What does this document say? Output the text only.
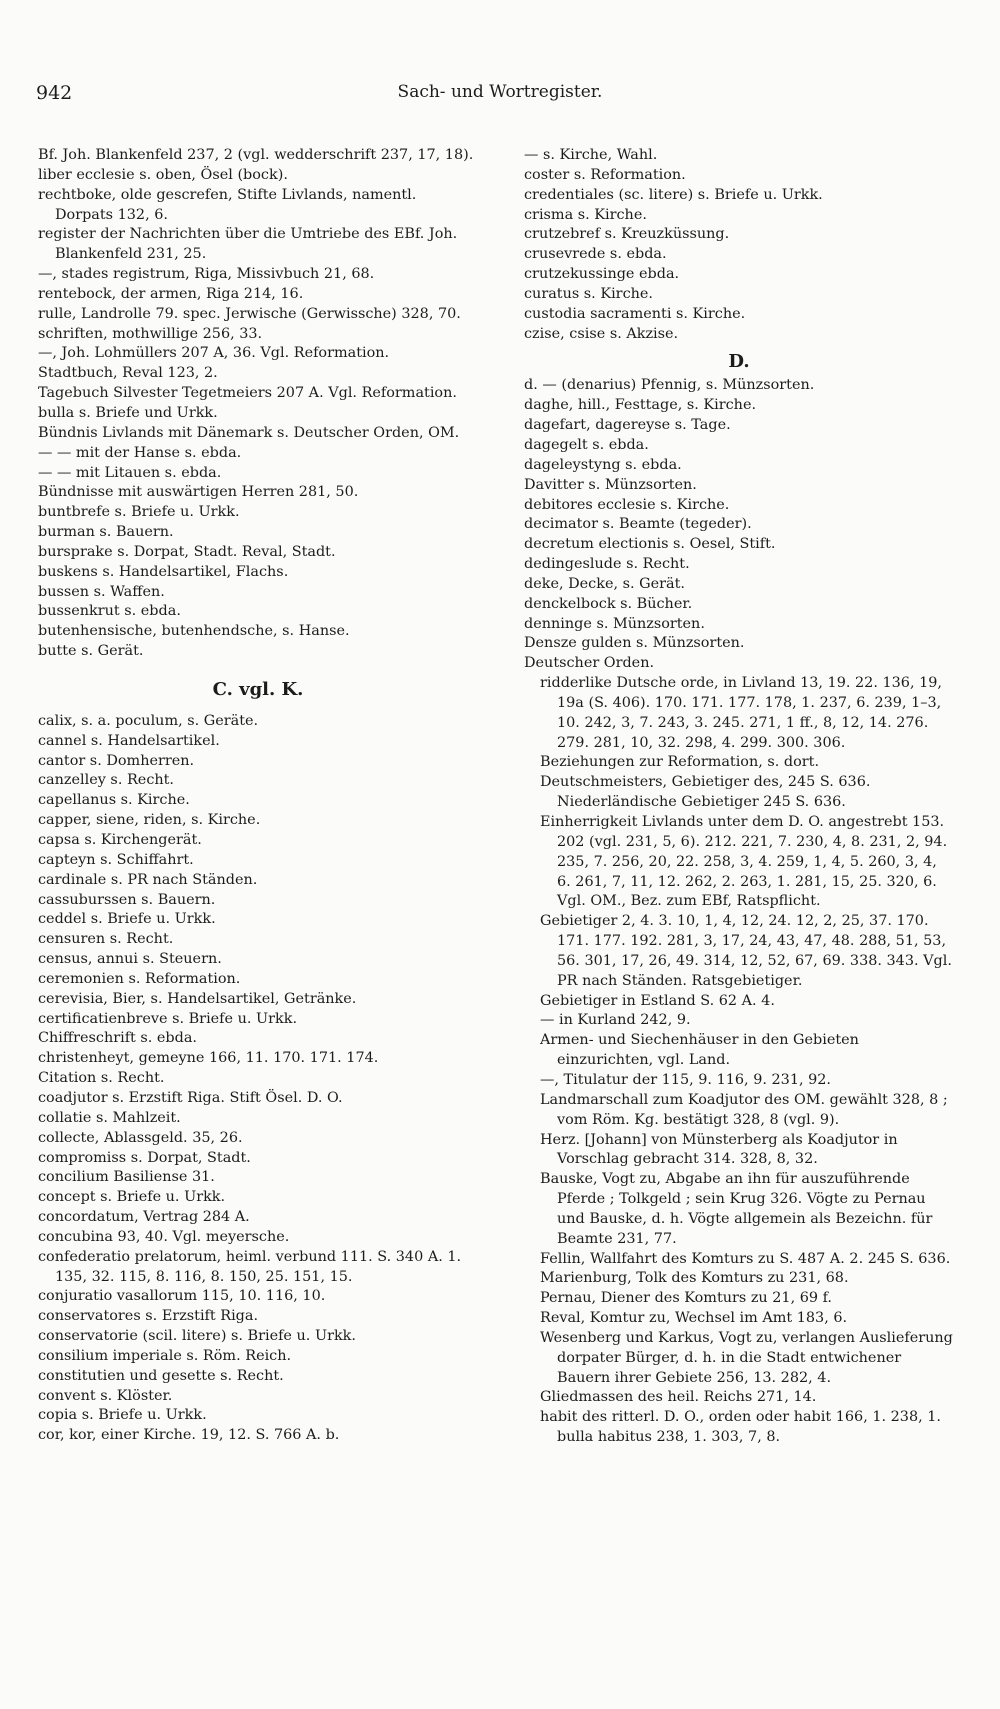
942	Sach- und Wortregister.
Bf. Joh. Blankenfeld 237, 2 (vgl. wedderschrift 237, 17, 18).
liber ecclesie s. oben, Ösel (bock).
rechtboke, olde gescrefen, Stifte Livlands, namentl. Dorpats 132, 6.
register der Nachrichten über die Umtriebe des EBf. Joh. Blankenfeld 231, 25.
—, stades registrum, Riga, Missivbuch 21, 68.
rentebock, der armen, Riga 214, 16.
rulle, Landrolle 79. spec. Jerwische (Gerwissche) 328, 70.
schriften, mothwillige 256, 33.
—, Joh. Lohmüllers 207 A, 36. Vgl. Reformation.
Stadtbuch, Reval 123, 2.
Tagebuch Silvester Tegetmeiers 207 A. Vgl. Reformation.
bulla s. Briefe und Urkk.
Bündnis Livlands mit Dänemark s. Deutscher Orden, OM.
— — mit der Hanse s. ebda.
— — mit Litauen s. ebda.
Bündnisse mit auswärtigen Herren 281, 50.
buntbrefe s. Briefe u. Urkk.
burman s. Bauern.
bursprake s. Dorpat, Stadt. Reval, Stadt.
buskens s. Handelsartikel, Flachs.
bussen s. Waffen.
bussenkrut s. ebda.
butenhensische, butenhendsche, s. Hanse.
butte s. Gerät.
C. vgl. K.
calix, s. a. poculum, s. Geräte.
cannel s. Handelsartikel.
cantor s. Domherren.
canzelley s. Recht.
capellanus s. Kirche.
capper, siene, riden, s. Kirche.
capsa s. Kirchengerät.
capteyn s. Schiffahrt.
cardinale s. PR nach Ständen.
cassuburssen s. Bauern.
ceddel s. Briefe u. Urkk.
censuren s. Recht.
census, annui s. Steuern.
ceremonien s. Reformation.
cerevisia, Bier, s. Handelsartikel, Getränke.
certificatienbreve s. Briefe u. Urkk.
Chiffreschrift s. ebda.
christenheyt, gemeyne 166, 11. 170. 171. 174.
Citation s. Recht.
coadjutor s. Erzstift Riga. Stift Ösel. D. O.
collatie s. Mahlzeit.
collecte, Ablassgeld. 35, 26.
compromiss s. Dorpat, Stadt.
concilium Basiliense 31.
concept s. Briefe u. Urkk.
concordatum, Vertrag 284 A.
concubina 93, 40. Vgl. meyersche.
confederatio prelatorum, heiml. verbund 111. S. 340 A. 1. 135, 32. 115, 8. 116, 8. 150, 25. 151, 15.
conjuratio vasallorum 115, 10. 116, 10.
conservatores s. Erzstift Riga.
conservatorie (scil. litere) s. Briefe u. Urkk.
consilium imperiale s. Röm. Reich.
constitutien und gesette s. Recht.
convent s. Klöster.
copia s. Briefe u. Urkk.
cor, kor, einer Kirche. 19, 12. S. 766 A. b.
— s. Kirche, Wahl.
coster s. Reformation.
credentiales (sc. litere) s. Briefe u. Urkk.
crisma s. Kirche.
crutzebref s. Kreuzküssung.
crusevrede s. ebda.
crutzekussinge ebda.
curatus s. Kirche.
custodia sacramenti s. Kirche.
czise, csise s. Akzise.
D.
d. — (denarius) Pfennig, s. Münzsorten.
daghe, hill., Festtage, s. Kirche.
dagefart, dagereyse s. Tage.
dagegelt s. ebda.
dageleystyng s. ebda.
Davitter s. Münzsorten.
debitores ecclesie s. Kirche.
decimator s. Beamte (tegeder).
decretum electionis s. Oesel, Stift.
dedingeslude s. Recht.
deke, Decke, s. Gerät.
denckelbock s. Bücher.
denninge s. Münzsorten.
Densze gulden s. Münzsorten.
Deutscher Orden.
ridderlike Dutsche orde, in Livland 13, 19. 22. 136, 19, 19a (S. 406). 170. 171. 177. 178, 1. 237, 6. 239, 1–3, 10. 242, 3, 7. 243, 3. 245. 271, 1 ff., 8, 12, 14. 276. 279. 281, 10, 32. 298, 4. 299. 300. 306.
Beziehungen zur Reformation, s. dort.
Deutschmeisters, Gebietiger des, 245 S. 636. Niederländische Gebietiger 245 S. 636.
Einherrigkeit Livlands unter dem D. O. angestrebt 153. 202 (vgl. 231, 5, 6). 212. 221, 7. 230, 4, 8. 231, 2, 94. 235, 7. 256, 20, 22. 258, 3, 4. 259, 1, 4, 5. 260, 3, 4, 6. 261, 7, 11, 12. 262, 2. 263, 1. 281, 15, 25. 320, 6. Vgl. OM., Bez. zum EBf, Ratspflicht.
Gebietiger 2, 4. 3. 10, 1, 4, 12, 24. 12, 2, 25, 37. 170. 171. 177. 192. 281, 3, 17, 24, 43, 47, 48. 288, 51, 53, 56. 301, 17, 26, 49. 314, 12, 52, 67, 69. 338. 343. Vgl. PR nach Ständen. Ratsgebietiger.
Gebietiger in Estland S. 62 A. 4.
— in Kurland 242, 9.
Armen- und Siechenhäuser in den Gebieten einzurichten, vgl. Land.
—, Titulatur der 115, 9. 116, 9. 231, 92.
Landmarschall zum Koadjutor des OM. gewählt 328, 8 ; vom Röm. Kg. bestätigt 328, 8 (vgl. 9).
Herz. [Johann] von Münsterberg als Koadjutor in Vorschlag gebracht 314. 328, 8, 32.
Bauske, Vogt zu, Abgabe an ihn für auszuführende Pferde ; Tolkgeld ; sein Krug 326. Vögte zu Pernau und Bauske, d. h. Vögte allgemein als Bezeichn. für Beamte 231, 77.
Fellin, Wallfahrt des Komturs zu S. 487 A. 2. 245 S. 636.
Marienburg, Tolk des Komturs zu 231, 68.
Pernau, Diener des Komturs zu 21, 69 f.
Reval, Komtur zu, Wechsel im Amt 183, 6.
Wesenberg und Karkus, Vogt zu, verlangen Auslieferung dorpater Bürger, d. h. in die Stadt entwichener Bauern ihrer Gebiete 256, 13. 282, 4.
Gliedmassen des heil. Reichs 271, 14.
habit des ritterl. D. O., orden oder habit 166, 1. 238, 1. bulla habitus 238, 1. 303, 7, 8.
